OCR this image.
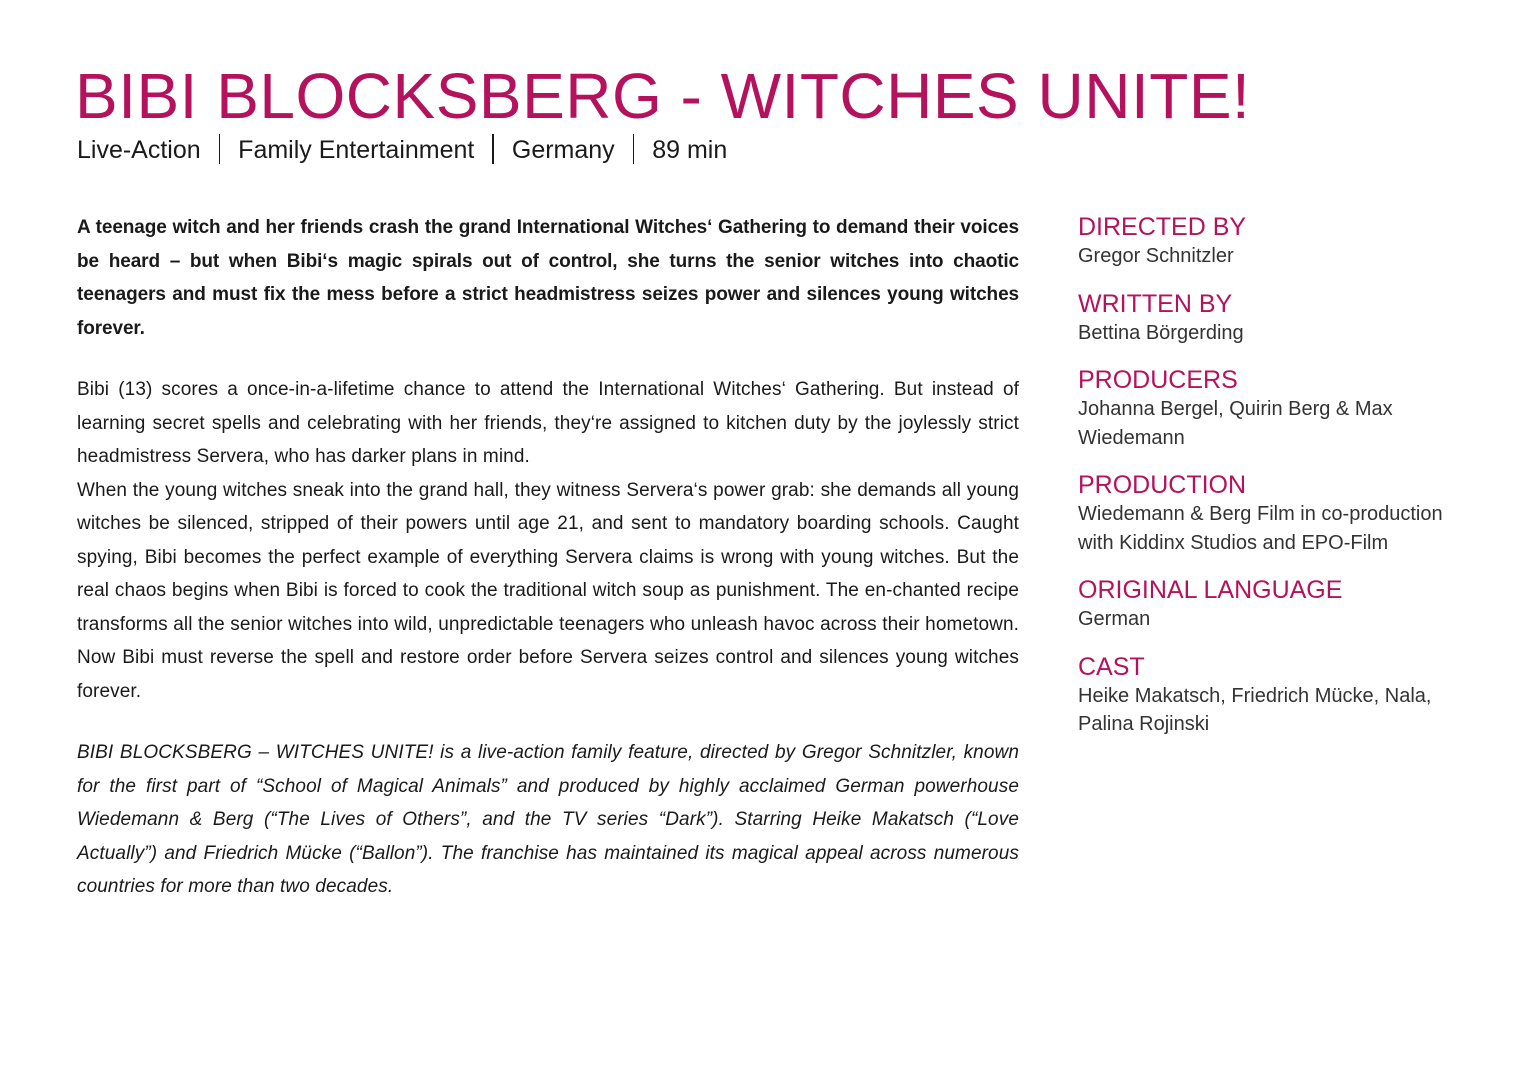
BIBI BLOCKSBERG - WITCHES UNITE!
Live-Action Family Entertainment Germany 89 min

A teenage witch and her friends crash the grand International Witches‘ Gathering to demand their voices be heard – but when Bibi‘s magic spirals out of control, she turns the senior witches into chaotic teenagers and must fix the mess before a strict headmistress seizes power and silences young witches forever.

Bibi (13) scores a once-in-a-lifetime chance to attend the International Witches‘ Gathering. But instead of learning secret spells and celebrating with her friends, they‘re assigned to kitchen duty by the joylessly strict headmistress Servera, who has darker plans in mind.

When the young witches sneak into the grand hall, they witness Servera‘s power grab: she demands all young witches be silenced, stripped of their powers until age 21, and sent to mandatory boarding schools. Caught spying, Bibi becomes the perfect example of everything Servera claims is wrong with young witches. But the real chaos begins when Bibi is forced to cook the traditional witch soup as punishment. The en-chanted recipe transforms all the senior witches into wild, unpredictable teenagers who unleash havoc across their hometown. Now Bibi must reverse the spell and restore order before Servera seizes control and silences young witches forever.

BIBI BLOCKSBERG – WITCHES UNITE! is a live-action family feature, directed by Gregor Schnitzler, known for the first part of “School of Magical Animals” and produced by highly acclaimed German powerhouse Wiedemann & Berg (“The Lives of Others”, and the TV series “Dark”). Starring Heike Makatsch (“Love Actually”) and Friedrich Mücke (“Ballon”). The franchise has maintained its magical appeal across numerous countries for more than two decades.

DIRECTED BY
Gregor Schnitzler
WRITTEN BY
Bettina Börgerding
PRODUCERS
Johanna Bergel, Quirin Berg & Max Wiedemann
PRODUCTION
Wiedemann & Berg Film in co-production with Kiddinx Studios and EPO-Film
ORIGINAL LANGUAGE
German
CAST
Heike Makatsch, Friedrich Mücke, Nala, Palina Rojinski
